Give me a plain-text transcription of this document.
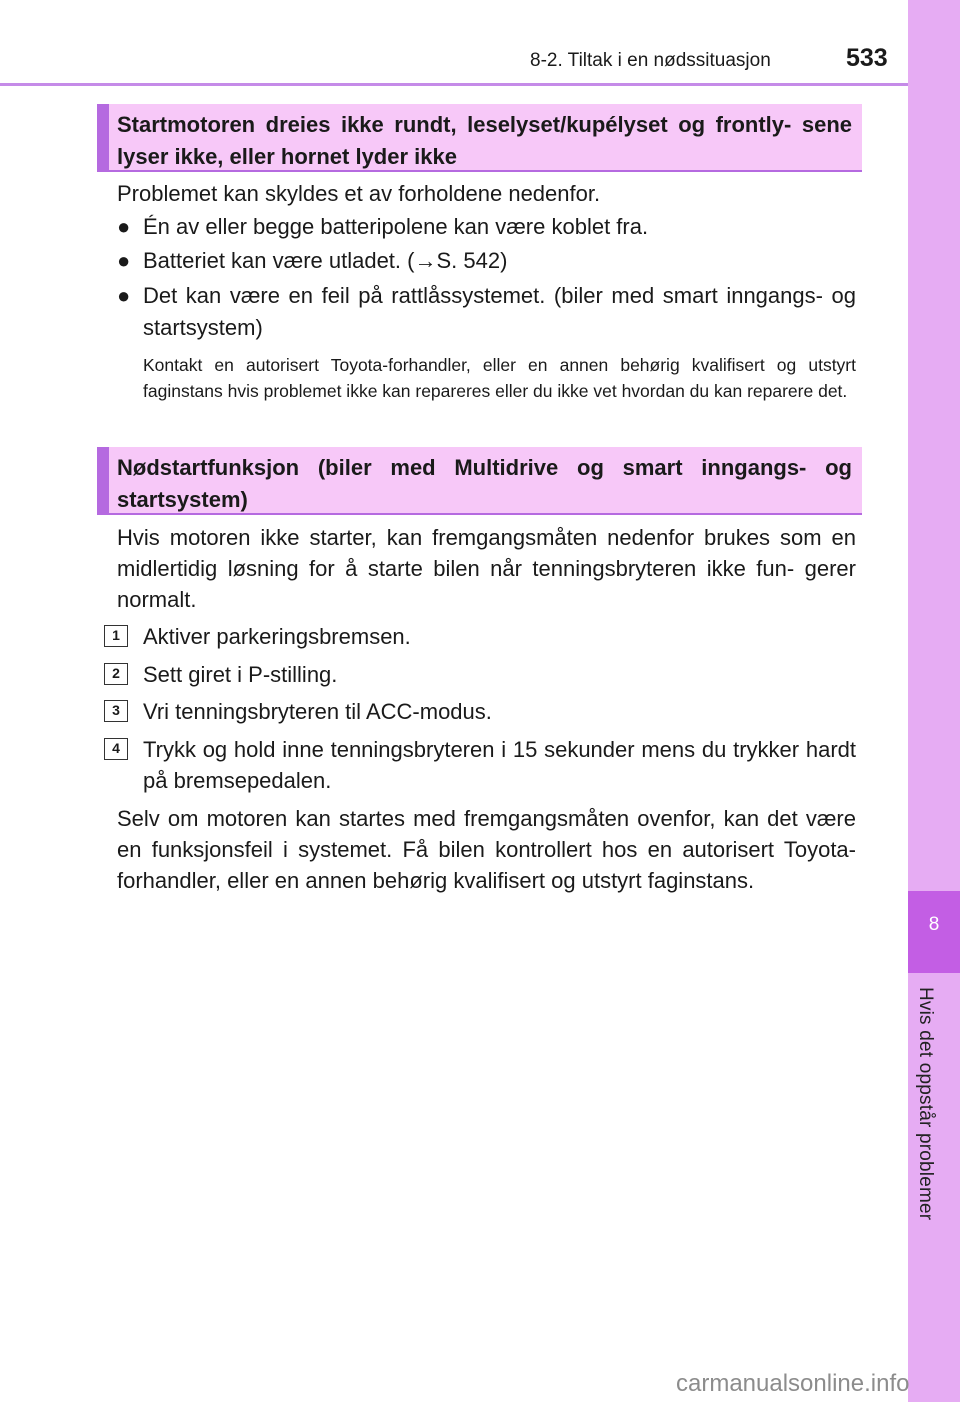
8-2. Tiltak i en nødssituasjon	533
8
Hvis det oppstår problemer
Startmotoren dreies ikke rundt, leselyset/kupélyset og frontly- sene lyser ikke, eller hornet lyder ikke
Problemet kan skyldes et av forholdene nedenfor.
● Én av eller begge batteripolene kan være koblet fra.
● Batteriet kan være utladet. (→S. 542)
● Det kan være en feil på rattlåssystemet. (biler med smart inngangs- og startsystem)
Kontakt en autorisert Toyota-forhandler, eller en annen behørig kvalifisert og utstyrt faginstans hvis problemet ikke kan repareres eller du ikke vet hvordan du kan reparere det.
Nødstartfunksjon (biler med Multidrive og smart inngangs- og startsystem)
Hvis motoren ikke starter, kan fremgangsmåten nedenfor brukes som en midlertidig løsning for å starte bilen når tenningsbryteren ikke fun- gerer normalt.
1	Aktiver parkeringsbremsen.
2	Sett giret i P-stilling.
3	Vri tenningsbryteren til ACC-modus.
4	Trykk og hold inne tenningsbryteren i 15 sekunder mens du trykker hardt på bremsepedalen.
Selv om motoren kan startes med fremgangsmåten ovenfor, kan det være en funksjonsfeil i systemet. Få bilen kontrollert hos en autorisert Toyota-forhandler, eller en annen behørig kvalifisert og utstyrt faginstans.
carmanualsonline.info
